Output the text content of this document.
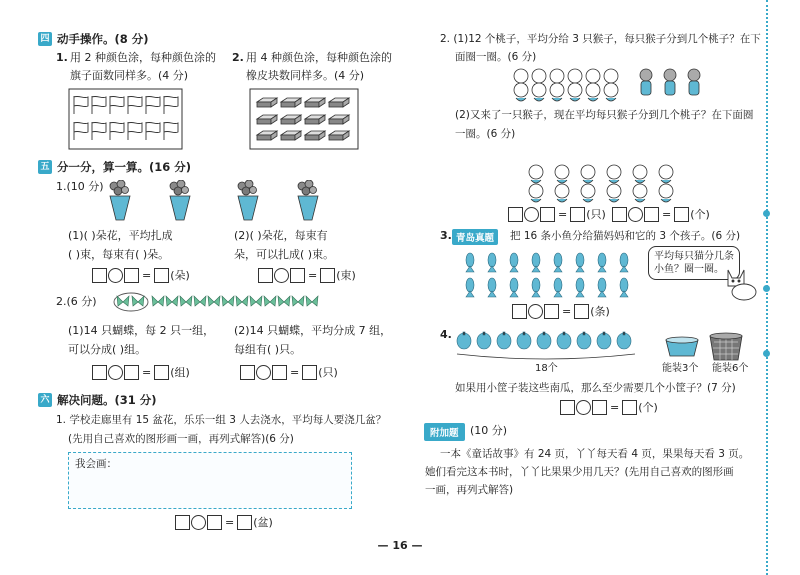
四 动手操作。(8 分)
1. 用 2 种颜色涂，每种颜色涂的
旗子面数同样多。(4 分)
2. 用 4 种颜色涂，每种颜色涂的
橡皮块数同样多。(4 分)
五 分一分，算一算。(16 分)
1.(10 分)
(1)( )朵花，平均扎成
( )束，每束有( )朵。
(2)( )朵花，每束有
朵，可以扎成( )束。
= (朵)	= (束)
2.(6 分)
(1)14 只蝴蝶，每 2 只一组，
可以分成( )组。
(2)14 只蝴蝶，平均分成 7 组，
每组有( )只。
= (组)	= (只)
六 解决问题。(31 分)
1. 学校走廊里有 15 盆花，乐乐一组 3 人去浇水，平均每人要浇几盆？
(先用自己喜欢的图形画一画，再列式解答)(6 分)
我会画：
= (盆)
— 16 —
2. (1)12 个桃子，平均分给 3 只猴子，每只猴子分到几个桃子？在下
面圈一圈。(6 分)
(2)又来了一只猴子，现在平均每只猴子分到几个桃子？在下面圈
一圈。(6 分)
= (只)	= (个)
3. 青岛真题	把 16 条小鱼分给猫妈妈和它的 3 个孩子。(6 分)
平均每只猫分几条
小鱼？圈一圈。
= (条)
4.
18个	能装3个 能装6个
如果用小筐子装这些南瓜，那么至少需要几个小筐子？(7 分)
= (个)
附加题	(10 分)
一本《童话故事》有 24 页，丫丫每天看 4 页，果果每天看 3 页。
她们看完这本书时，丫丫比果果少用几天？(先用自己喜欢的图形画
一画，再列式解答)
